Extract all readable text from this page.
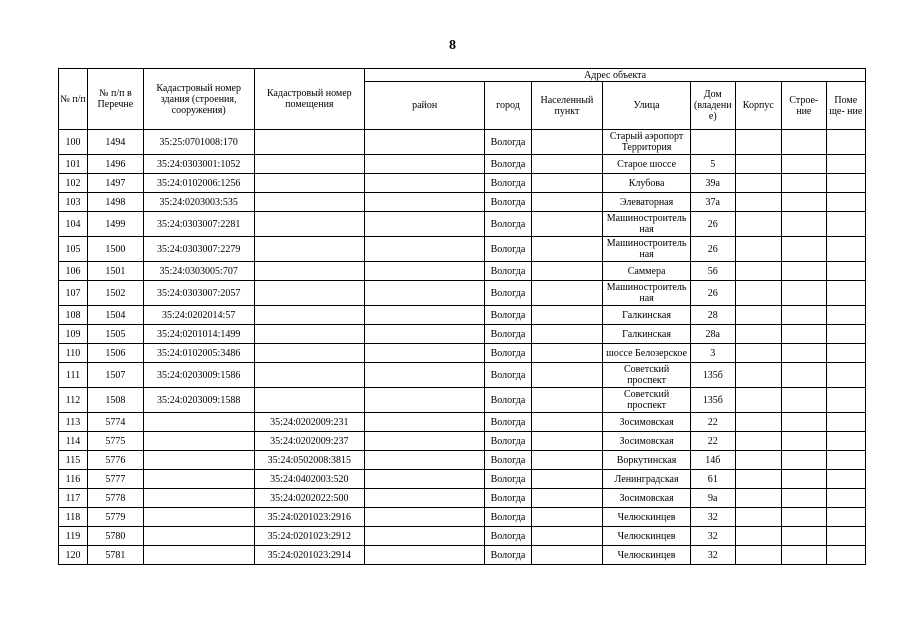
8
№ п/п	№ п/п в Перечне	Кадастровый номер здания (строения, сооружения)	Кадастровый номер помещения	Адрес объекта							
				район	город	Населенный пункт	Улица	Дом (владени е)	Корпус	Строе- ние	Поме ще- ние
100	1494	35:25:0701008:170			Вологда		Старый аэропорт Территория				
101	1496	35:24:0303001:1052			Вологда		Старое шоссе	5			
102	1497	35:24:0102006:1256			Вологда		Клубова	39а			
103	1498	35:24:0203003:535			Вологда		Элеваторная	37а			
104	1499	35:24:0303007:2281			Вологда		Машиностроитель ная	26			
105	1500	35:24:0303007:2279			Вологда		Машиностроитель ная	26			
106	1501	35:24:0303005:707			Вологда		Саммера	56			
107	1502	35:24:0303007:2057			Вологда		Машиностроитель ная	26			
108	1504	35:24:0202014:57			Вологда		Галкинская	28			
109	1505	35:24:0201014:1499			Вологда		Галкинская	28а			
110	1506	35:24:0102005:3486			Вологда		шоссе Белозерское	3			
111	1507	35:24:0203009:1586			Вологда		Советский проспект	135б			
112	1508	35:24:0203009:1588			Вологда		Советский проспект	135б			
113	5774		35:24:0202009:231		Вологда		Зосимовская	22			
114	5775		35:24:0202009:237		Вологда		Зосимовская	22			
115	5776		35:24:0502008:3815		Вологда		Воркутинская	14б			
116	5777		35:24:0402003:520		Вологда		Ленинградская	61			
117	5778		35:24:0202022:500		Вологда		Зосимовская	9а			
118	5779		35:24:0201023:2916		Вологда		Челюскинцев	32			
119	5780		35:24:0201023:2912		Вологда		Челюскинцев	32			
120	5781		35:24:0201023:2914		Вологда		Челюскинцев	32			
